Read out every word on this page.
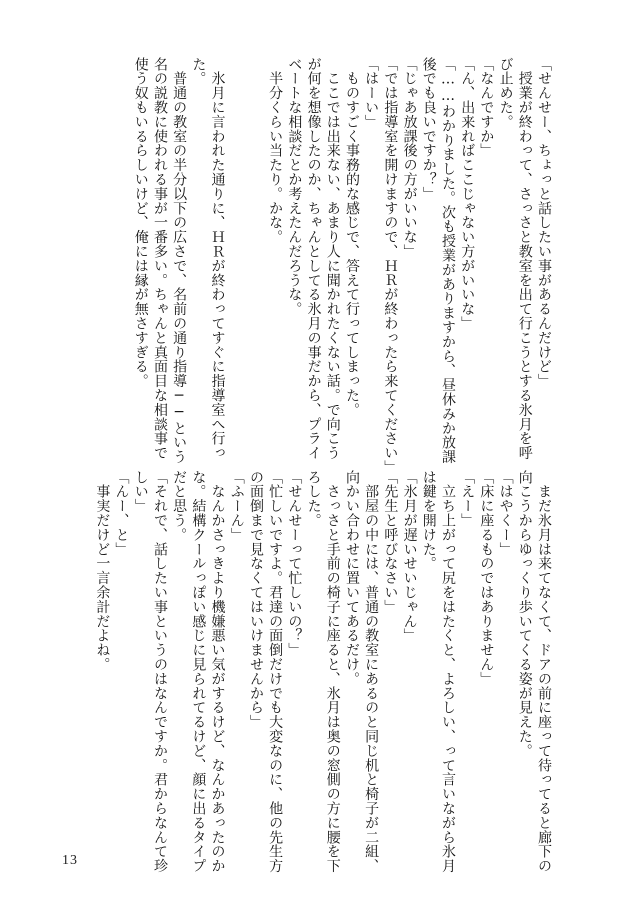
「せんせー、ちょっと話したい事があるんだけど」
　授業が終わって、さっさと教室を出て行こうとする氷月を呼
び止めた。
「なんですか」
「ん、出来ればここじゃない方がいいな」
「……わかりました。次も授業がありますから、昼休みか放課
後でも良いですか？」
「じゃあ放課後の方がいいな」
「では指導室を開けますので、ＨＲが終わったら来てください」
「はーい」
　ものすごく事務的な感じで、答えて行ってしまった。
　ここでは出来ない、あまり人に聞かれたくない話。で向こう
が何を想像したのか、ちゃんとしてる氷月の事だから、プライ
ベートな相談だとか考えたんだろうな。
　半分くらい当たり。かな。

　氷月に言われた通りに、ＨＲが終わってすぐに指導室へ行っ
た。
　普通の教室の半分以下の広さで、名前の通り指導──という
名の説教に使われる事が一番多い。ちゃんと真面目な相談事で
使う奴もいるらしいけど、俺には縁が無さすぎる。
　まだ氷月は来てなくて、ドアの前に座って待ってると廊下の
向こうからゆっくり歩いてくる姿が見えた。
「はやくー」
「床に座るものではありません」
「えー」
　立ち上がって尻をはたくと、よろしい、って言いながら氷月
は鍵を開けた。
「氷月が遅いせいじゃん」
「先生と呼びなさい」
　部屋の中には、普通の教室にあるのと同じ机と椅子が二組、
向かい合わせに置いてあるだけ。
　さっさと手前の椅子に座ると、氷月は奥の窓側の方に腰を下
ろした。
「せんせーって忙しいの？」
「忙しいですよ。君達の面倒だけでも大変なのに、他の先生方
の面倒まで見なくてはいけませんから」
「ふーん」
　なんかさっきより機嫌悪い気がするけど、なんかあったのか
な。結構クールっぽい感じに見られてるけど、顔に出るタイプ
だと思う。
「それで、話したい事というのはなんですか。君からなんて珍
しい」
「んー、と」
　事実だけど一言余計だよね。
13
